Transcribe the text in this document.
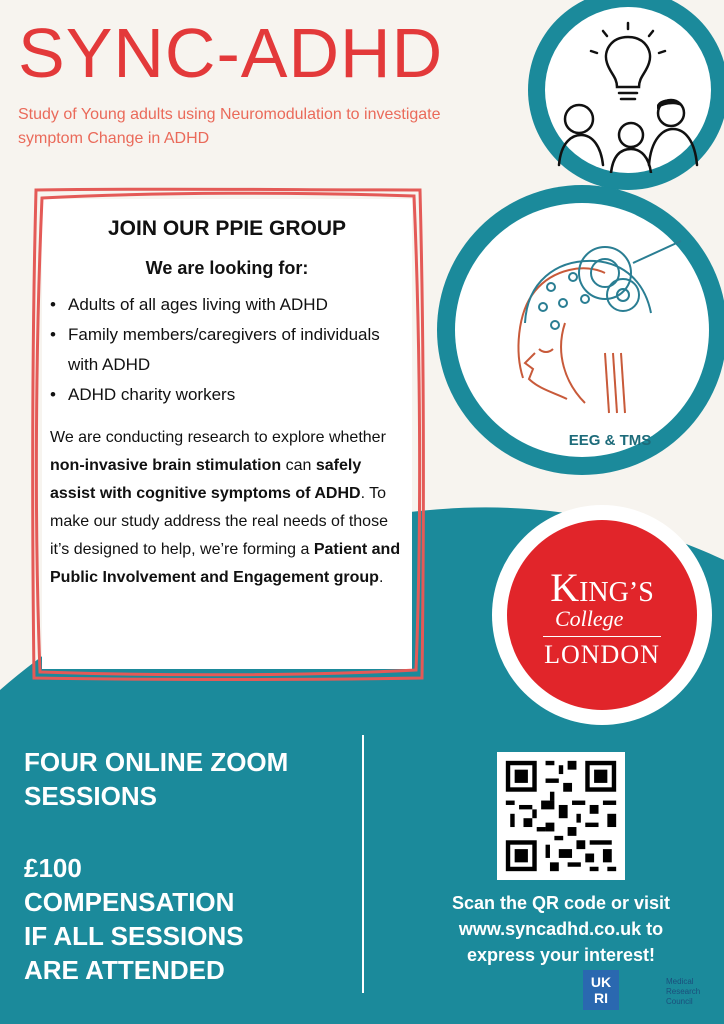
SYNC-ADHD
Study of Young adults using Neuromodulation to investigate symptom Change in ADHD
EEG & TMS
KING’S
College
LONDON
JOIN OUR PPIE GROUP
We are looking for:
• Adults of all ages living with ADHD
• Family members/caregivers of individuals with ADHD
• ADHD charity workers

We are conducting research to explore whether non-invasive brain stimulation can safely assist with cognitive symptoms of ADHD. To make our study address the real needs of those it’s designed to help, we’re forming a Patient and Public Involvement and Engagement group.

FOUR ONLINE ZOOM SESSIONS
£100
COMPENSATION
IF ALL SESSIONS
ARE ATTENDED
Scan the QR code or visit
www.syncadhd.co.uk to
express your interest!
UK
RI
Medical
Research
Council
